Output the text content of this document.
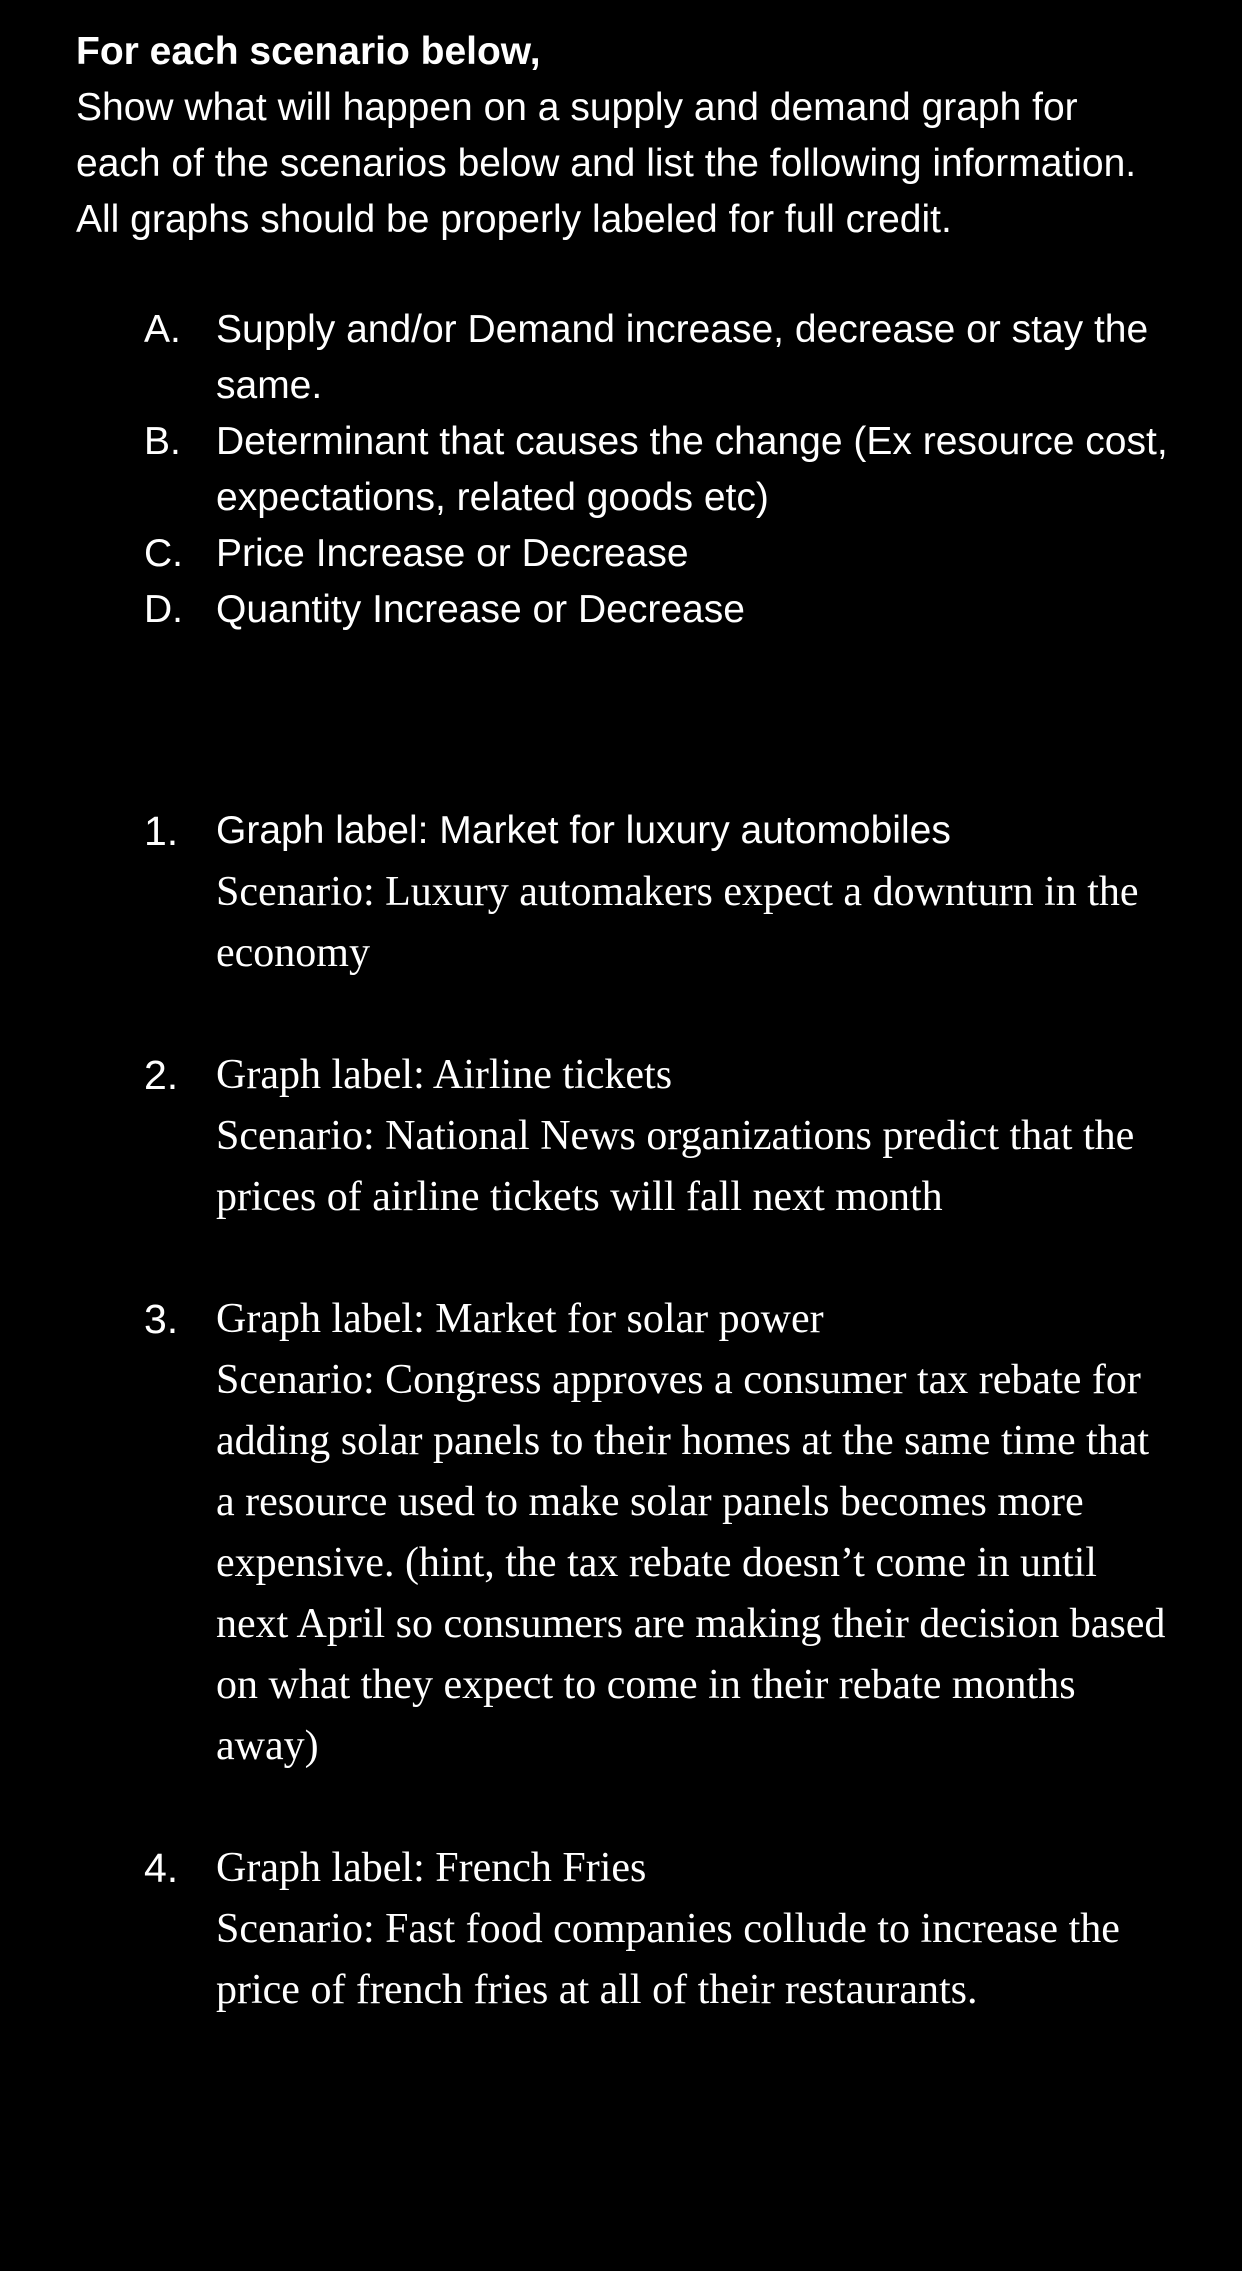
For each scenario below,

Show what will happen on a supply and demand graph for each of the scenarios below and list the following information. All graphs should be properly labeled for full credit.

A. Supply and/or Demand increase, decrease or stay the same.
B. Determinant that causes the change (Ex resource cost, expectations, related goods etc)
C. Price Increase or Decrease
D. Quantity Increase or Decrease
1. Graph label: Market for luxury automobiles
Scenario: Luxury automakers expect a downturn in the economy
2. Graph label: Airline tickets
Scenario: National News organizations predict that the prices of airline tickets will fall next month
3. Graph label: Market for solar power
Scenario: Congress approves a consumer tax rebate for adding solar panels to their homes at the same time that a resource used to make solar panels becomes more expensive. (hint, the tax rebate doesn’t come in until next April so consumers are making their decision based on what they expect to come in their rebate months away)
4. Graph label: French Fries
Scenario: Fast food companies collude to increase the price of french fries at all of their restaurants.
